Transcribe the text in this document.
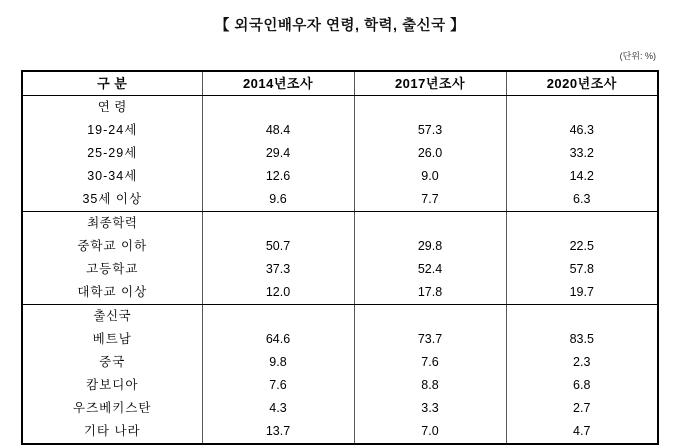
【 외국인배우자 연령, 학력, 출신국 】
(단위: %)
구 분	2014년조사	2017년조사	2020년조사
연 령			
19-24세	48.4	57.3	46.3
25-29세	29.4	26.0	33.2
30-34세	12.6	9.0	14.2
35세 이상	9.6	7.7	6.3
최종학력			
중학교 이하	50.7	29.8	22.5
고등학교	37.3	52.4	57.8
대학교 이상	12.0	17.8	19.7
출신국			
베트남	64.6	73.7	83.5
중국	9.8	7.6	2.3
캄보디아	7.6	8.8	6.8
우즈베키스탄	4.3	3.3	2.7
기타 나라	13.7	7.0	4.7
